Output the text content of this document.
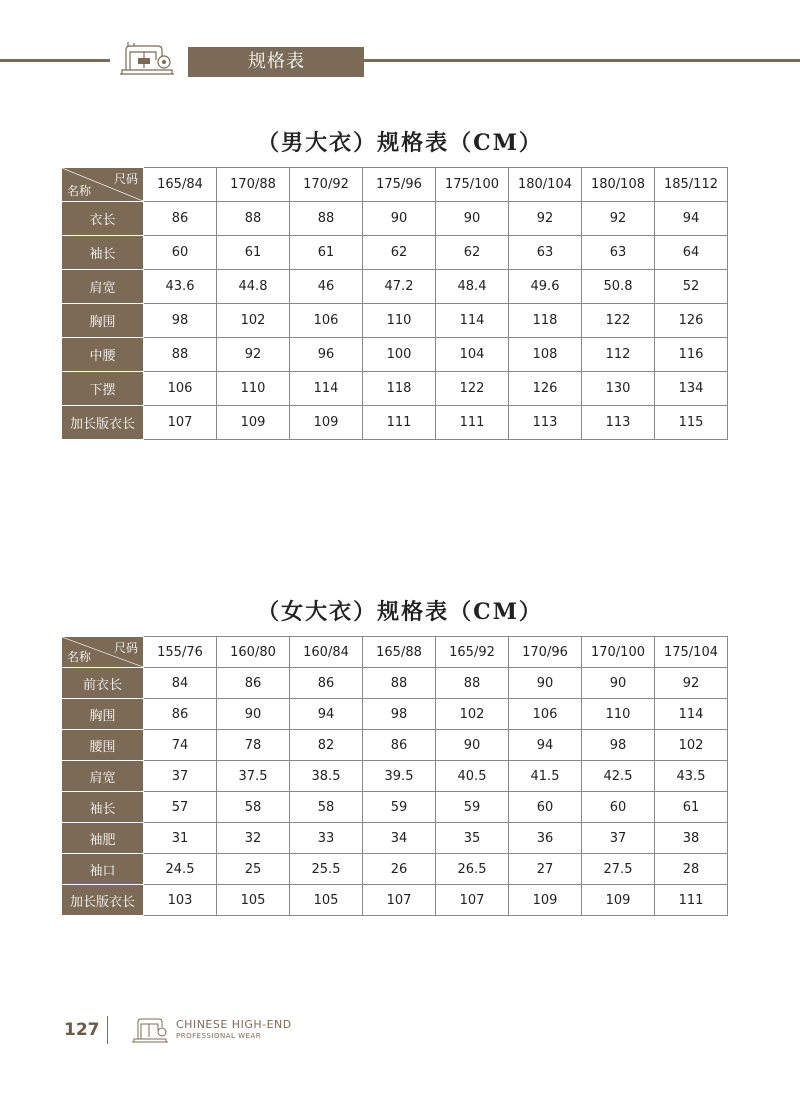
规格表
（男大衣）规格表（CM）
尺码
名称	165/84	170/88	170/92	175/96	175/100	180/104	180/108	185/112
衣长	86	88	88	90	90	92	92	94
袖长	60	61	61	62	62	63	63	64
肩宽	43.6	44.8	46	47.2	48.4	49.6	50.8	52
胸围	98	102	106	110	114	118	122	126
中腰	88	92	96	100	104	108	112	116
下摆	106	110	114	118	122	126	130	134
加长版衣长	107	109	109	111	111	113	113	115
（女大衣）规格表（CM）
尺码
名称	155/76	160/80	160/84	165/88	165/92	170/96	170/100	175/104
前衣长	84	86	86	88	88	90	90	92
胸围	86	90	94	98	102	106	110	114
腰围	74	78	82	86	90	94	98	102
肩宽	37	37.5	38.5	39.5	40.5	41.5	42.5	43.5
袖长	57	58	58	59	59	60	60	61
袖肥	31	32	33	34	35	36	37	38
袖口	24.5	25	25.5	26	26.5	27	27.5	28
加长版衣长	103	105	105	107	107	109	109	111
127	CHINESE HIGH-END
PROFESSIONAL WEAR
